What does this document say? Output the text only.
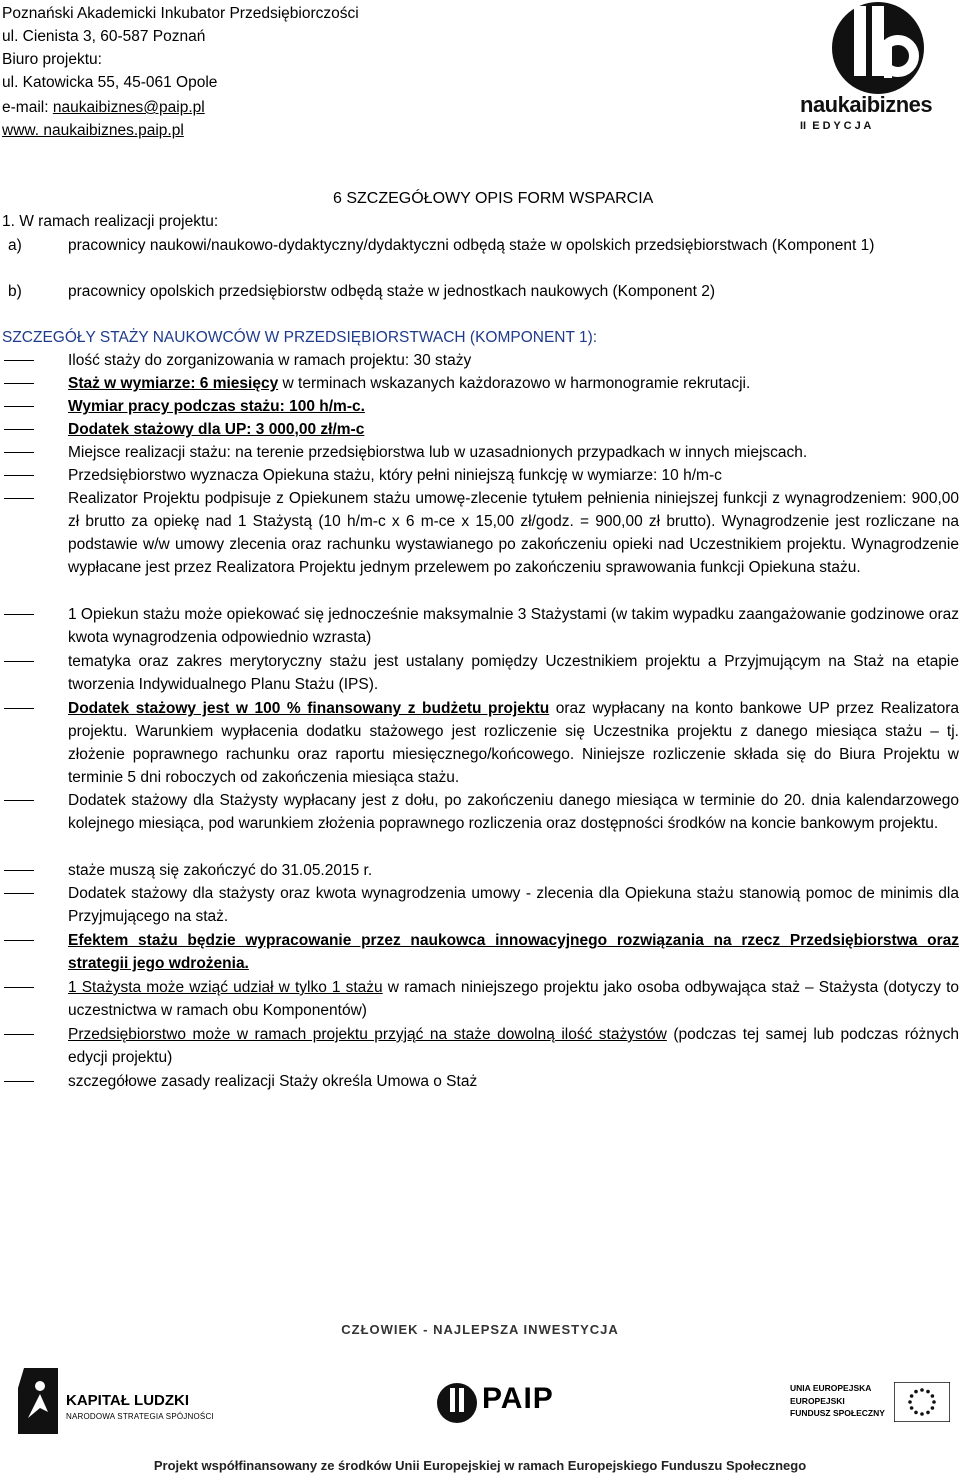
Poznański Akademicki Inkubator Przedsiębiorczości
ul. Cienista 3, 60-587 Poznań
Biuro projektu:
ul. Katowicka 55, 45-061 Opole
e-mail: naukaibiznes@paip.pl
www. naukaibiznes.paip.pl
naukaibiznes
II  E D Y C J A
6 SZCZEGÓŁOWY OPIS FORM WSPARCIA
1. W ramach realizacji projektu:
a)	pracownicy naukowi/naukowo-dydaktyczny/dydaktyczni odbędą staże w opolskich przedsiębiorstwach (Komponent 1)
b)	pracownicy opolskich przedsiębiorstw odbędą staże w jednostkach naukowych (Komponent 2)
SZCZEGÓŁY STAŻY NAUKOWCÓW W PRZEDSIĘBIORSTWACH (KOMPONENT 1):
Ilość staży do zorganizowania w ramach projektu: 30 staży
Staż w wymiarze: 6 miesięcy w terminach wskazanych każdorazowo w harmonogramie rekrutacji.
Wymiar pracy podczas stażu: 100 h/m-c.
Dodatek stażowy dla UP: 3 000,00 zł/m-c
Miejsce realizacji stażu: na terenie przedsiębiorstwa lub w uzasadnionych przypadkach w innych miejscach.
Przedsiębiorstwo wyznacza Opiekuna stażu, który pełni niniejszą funkcję w wymiarze: 10 h/m-c
Realizator Projektu podpisuje z Opiekunem stażu umowę-zlecenie tytułem pełnienia niniejszej funkcji z wynagrodzeniem: 900,00 zł brutto za opiekę nad 1 Stażystą (10 h/m-c x 6 m-ce x 15,00 zł/godz. = 900,00 zł brutto). Wynagrodzenie jest rozliczane na podstawie w/w umowy zlecenia oraz rachunku wystawianego po zakończeniu opieki nad Uczestnikiem projektu. Wynagrodzenie wypłacane jest przez Realizatora Projektu jednym przelewem po zakończeniu sprawowania funkcji Opiekuna stażu.
1 Opiekun stażu może opiekować się jednocześnie maksymalnie 3 Stażystami (w takim wypadku zaangażowanie godzinowe oraz kwota wynagrodzenia odpowiednio wzrasta)
tematyka oraz zakres merytoryczny stażu jest ustalany pomiędzy Uczestnikiem projektu a Przyjmującym na Staż na etapie tworzenia Indywidualnego Planu Stażu (IPS).
Dodatek stażowy jest w 100 % finansowany z budżetu projektu oraz wypłacany na konto bankowe UP przez Realizatora projektu. Warunkiem wypłacenia dodatku stażowego jest rozliczenie się Uczestnika projektu z danego miesiąca stażu – tj. złożenie poprawnego rachunku oraz raportu miesięcznego/końcowego. Niniejsze rozliczenie składa się do Biura Projektu w terminie 5 dni roboczych od zakończenia miesiąca stażu.
Dodatek stażowy dla Stażysty wypłacany jest z dołu, po zakończeniu danego miesiąca w terminie do 20. dnia kalendarzowego kolejnego miesiąca, pod warunkiem złożenia poprawnego rozliczenia oraz dostępności środków na koncie bankowym projektu.
staże muszą się zakończyć do 31.05.2015 r.
Dodatek stażowy dla stażysty oraz kwota wynagrodzenia umowy - zlecenia dla Opiekuna stażu stanowią pomoc de minimis dla Przyjmującego na staż.
Efektem stażu będzie wypracowanie przez naukowca innowacyjnego rozwiązania na rzecz Przedsiębiorstwa oraz strategii jego wdrożenia.
1 Stażysta może wziąć udział w tylko 1 stażu w ramach niniejszego projektu jako osoba odbywająca staż – Stażysta (dotyczy to uczestnictwa w ramach obu Komponentów)
Przedsiębiorstwo może w ramach projektu przyjąć na staże dowolną ilość stażystów (podczas tej samej lub podczas różnych edycji projektu)
szczegółowe zasady realizacji Staży określa Umowa o Staż
CZŁOWIEK - NAJLEPSZA INWESTYCJA
KAPITAŁ LUDZKI
NARODOWA STRATEGIA SPÓJNOŚCI
PAIP	UNIA EUROPEJSKA
EUROPEJSKI
FUNDUSZ SPOŁECZNY
Projekt współfinansowany ze środków Unii Europejskiej w ramach Europejskiego Funduszu Społecznego
